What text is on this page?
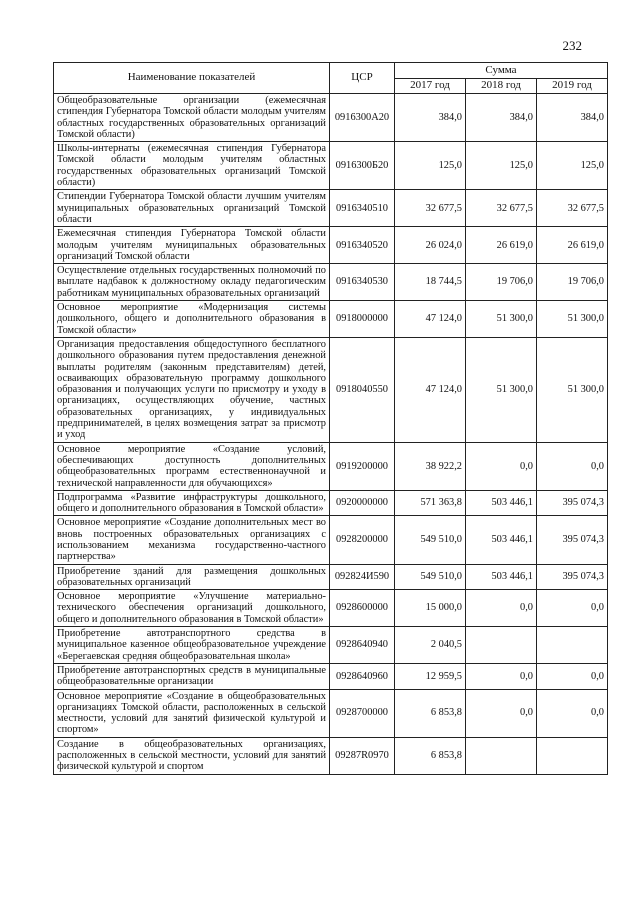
232
Наименование показателей	ЦСР	Сумма		
		2017 год	2018 год	2019 год
Общеобразовательные организации (ежемесячная стипендия Губернатора Томской области молодым учителям областных государственных образовательных организаций Томской области)	0916300А20	384,0	384,0	384,0
Школы-интернаты (ежемесячная стипендия Губернатора Томской области молодым учителям областных государственных образовательных организаций Томской области)	0916300Б20	125,0	125,0	125,0
Стипендии Губернатора Томской области лучшим учителям муниципальных образовательных организаций Томской области	0916340510	32 677,5	32 677,5	32 677,5
Ежемесячная стипендия Губернатора Томской области молодым учителям муниципальных образовательных организаций Томской области	0916340520	26 024,0	26 619,0	26 619,0
Осуществление отдельных государственных полномочий по выплате надбавок к должностному окладу педагогическим работникам муниципальных образовательных организаций	0916340530	18 744,5	19 706,0	19 706,0
Основное мероприятие «Модернизация системы дошкольного, общего и дополнительного образования в Томской области»	0918000000	47 124,0	51 300,0	51 300,0
Организация предоставления общедоступного бесплатного дошкольного образования путем предоставления денежной выплаты родителям (законным представителям) детей, осваивающих образовательную программу дошкольного образования и получающих услуги по присмотру и уходу в организациях, осуществляющих обучение, частных образовательных организациях, у индивидуальных предпринимателей, в целях возмещения затрат за присмотр и уход	0918040550	47 124,0	51 300,0	51 300,0
Основное мероприятие «Создание условий, обеспечивающих доступность дополнительных общеобразовательных программ естественнонаучной и технической направленности для обучающихся»	0919200000	38 922,2	0,0	0,0
Подпрограмма «Развитие инфраструктуры дошкольного, общего и дополнительного образования в Томской области»	0920000000	571 363,8	503 446,1	395 074,3
Основное мероприятие «Создание дополнительных мест во вновь построенных образовательных организациях с использованием механизма государственно-частного партнерства»	0928200000	549 510,0	503 446,1	395 074,3
Приобретение зданий для размещения дошкольных образовательных организаций	092824И590	549 510,0	503 446,1	395 074,3
Основное мероприятие «Улучшение материально-технического обеспечения организаций дошкольного, общего и дополнительного образования в Томской области»	0928600000	15 000,0	0,0	0,0
Приобретение автотранспортного средства в муниципальное казенное общеобразовательное учреждение «Берегаевская средняя общеобразовательная школа»	0928640940	2 040,5		
Приобретение автотранспортных средств в муниципальные общеобразовательные организации	0928640960	12 959,5	0,0	0,0
Основное мероприятие «Создание в общеобразовательных организациях Томской области, расположенных в сельской местности, условий для занятий физической культурой и спортом»	0928700000	6 853,8	0,0	0,0
Создание в общеобразовательных организациях, расположенных в сельской местности, условий для занятий физической культурой и спортом	09287R0970	6 853,8		
